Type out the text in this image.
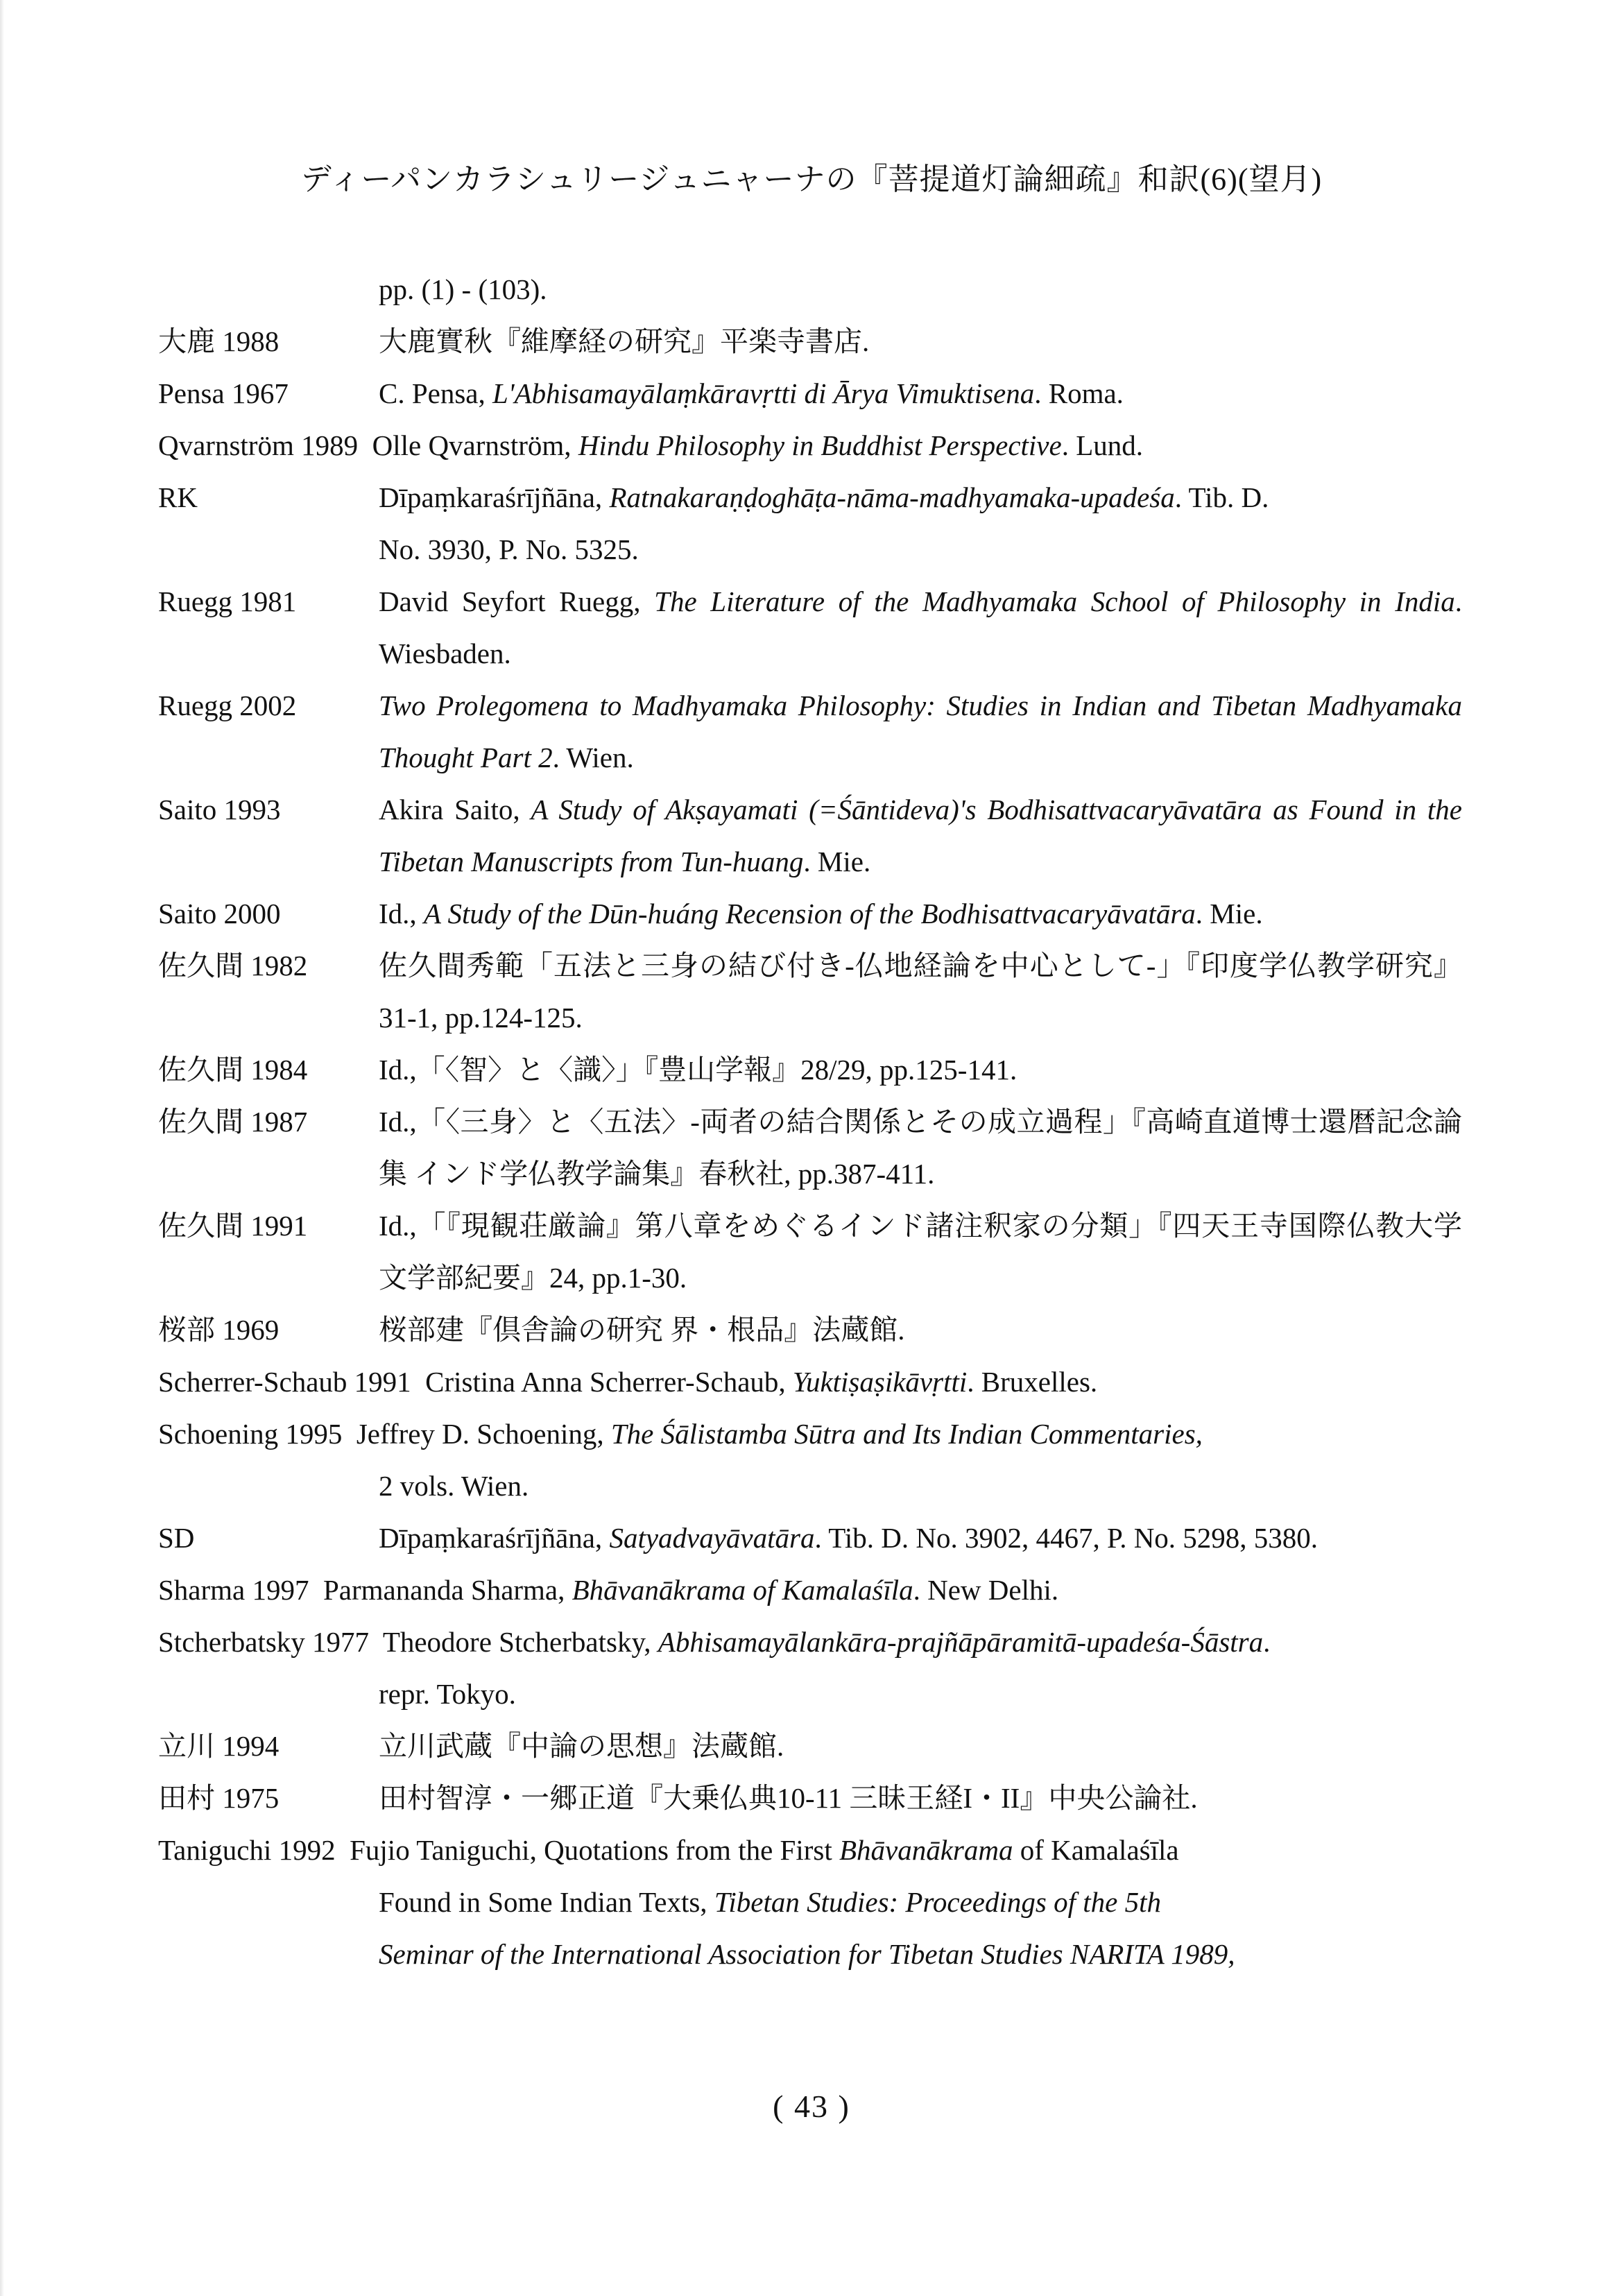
ディーパンカラシュリージュニャーナの『菩提道灯論細疏』和訳(6)(望月)
pp. (1) - (103).
大鹿 1988	大鹿實秋『維摩経の研究』平楽寺書店.
Pensa 1967	C. Pensa, L'Abhisamayālaṃkāravṛtti di Ārya Vimuktisena. Roma.
Qvarnström 1989 Olle Qvarnström, Hindu Philosophy in Buddhist Perspective. Lund.
RK	Dīpaṃkaraśrījñāna, Ratnakaraṇḍoghāṭa-nāma-madhyamaka-upadeśa. Tib. D.
No. 3930, P. No. 5325.
Ruegg 1981	David Seyfort Ruegg, The Literature of the Madhyamaka School of Philosophy in India. Wiesbaden.
Ruegg 2002	Two Prolegomena to Madhyamaka Philosophy: Studies in Indian and Tibetan Madhyamaka Thought Part 2. Wien.
Saito 1993	Akira Saito, A Study of Akṣayamati (=Śāntideva)'s Bodhisattvacaryāvatāra as Found in the Tibetan Manuscripts from Tun-huang. Mie.
Saito 2000	Id., A Study of the Dūn-huáng Recension of the Bodhisattvacaryāvatāra. Mie.
佐久間 1982	佐久間秀範「五法と三身の結び付き-仏地経論を中心として-」『印度学仏教学研究』31-1, pp.124-125.
佐久間 1984	Id.,「〈智〉と〈識〉」『豊山学報』28/29, pp.125-141.
佐久間 1987	Id.,「〈三身〉と〈五法〉-両者の結合関係とその成立過程」『高崎直道博士還暦記念論集 インド学仏教学論集』春秋社, pp.387-411.
佐久間 1991	Id.,「『現観荘厳論』第八章をめぐるインド諸注釈家の分類」『四天王寺国際仏教大学文学部紀要』24, pp.1-30.
桜部 1969	桜部建『倶舎論の研究 界・根品』法蔵館.
Scherrer-Schaub 1991 Cristina Anna Scherrer-Schaub, Yuktiṣaṣikāvṛtti. Bruxelles.
Schoening 1995 Jeffrey D. Schoening, The Śālistamba Sūtra and Its Indian Commentaries,
2 vols. Wien.
SD	Dīpaṃkaraśrījñāna, Satyadvayāvatāra. Tib. D. No. 3902, 4467, P. No. 5298, 5380.
Sharma 1997 Parmananda Sharma, Bhāvanākrama of Kamalaśīla. New Delhi.
Stcherbatsky 1977 Theodore Stcherbatsky, Abhisamayālankāra-prajñāpāramitā-upadeśa-Śāstra.
repr. Tokyo.
立川 1994	立川武蔵『中論の思想』法蔵館.
田村 1975	田村智淳・一郷正道『大乗仏典10-11 三昧王経I・II』中央公論社.
Taniguchi 1992 Fujio Taniguchi, Quotations from the First Bhāvanākrama of Kamalaśīla
Found in Some Indian Texts, Tibetan Studies: Proceedings of the 5th
Seminar of the International Association for Tibetan Studies NARITA 1989,
( 43 )
